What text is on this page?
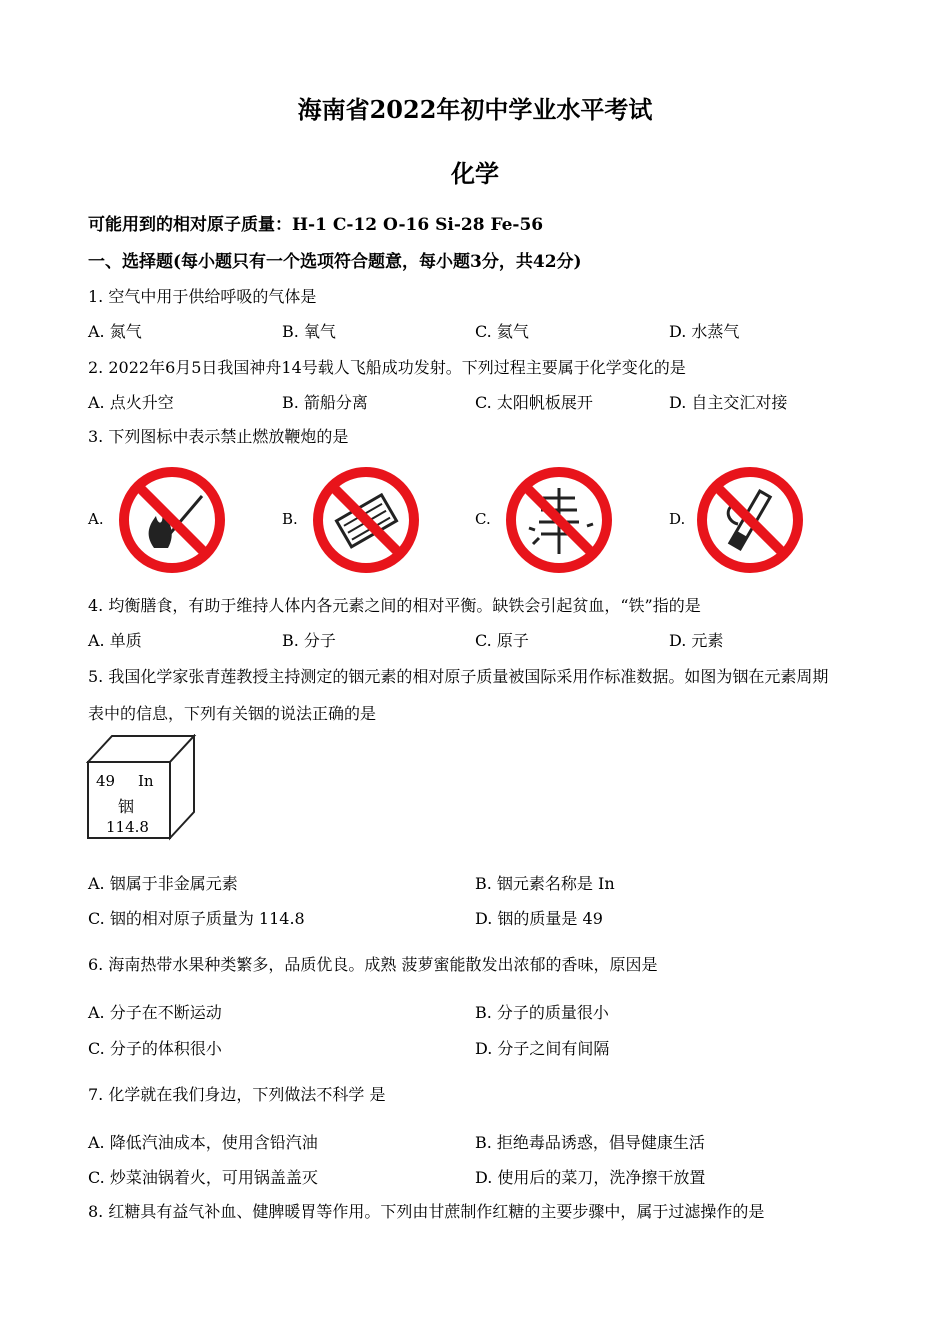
海南省2022年初中学业水平考试
化学
可能用到的相对原子质量：H-1 C-12 O-16 Si-28 Fe-56
一、选择题(每小题只有一个选项符合题意，每小题3分，共42分)
1. 空气中用于供给呼吸的气体是
A. 氮气	B. 氧气	C. 氦气	D. 水蒸气
2. 2022年6月5日我国神舟14号载人飞船成功发射。下列过程主要属于化学变化的是
A. 点火升空	B. 箭船分离	C. 太阳帆板展开	D. 自主交汇对接
3. 下列图标中表示禁止燃放鞭炮的是
A.	B.	C.	D.
4. 均衡膳食，有助于维持人体内各元素之间的相对平衡。缺铁会引起贫血，“铁”指的是
A. 单质	B. 分子	C. 原子	D. 元素
5. 我国化学家张青莲教授主持测定的铟元素的相对原子质量被国际采用作标准数据。如图为铟在元素周期
表中的信息，下列有关铟的说法正确的是
49 In
铟
114.8
A. 铟属于非金属元素	B. 铟元素名称是 In
C. 铟的相对原子质量为 114.8	D. 铟的质量是 49
6. 海南热带水果种类繁多，品质优良。成熟 菠萝蜜能散发出浓郁的香味，原因是
A. 分子在不断运动	B. 分子的质量很小
C. 分子的体积很小	D. 分子之间有间隔
7. 化学就在我们身边，下列做法不科学 是
A. 降低汽油成本，使用含铅汽油	B. 拒绝毒品诱惑，倡导健康生活
C. 炒菜油锅着火，可用锅盖盖灭	D. 使用后的菜刀，洗净擦干放置
8. 红糖具有益气补血、健脾暖胃等作用。下列由甘蔗制作红糖的主要步骤中，属于过滤操作的是
